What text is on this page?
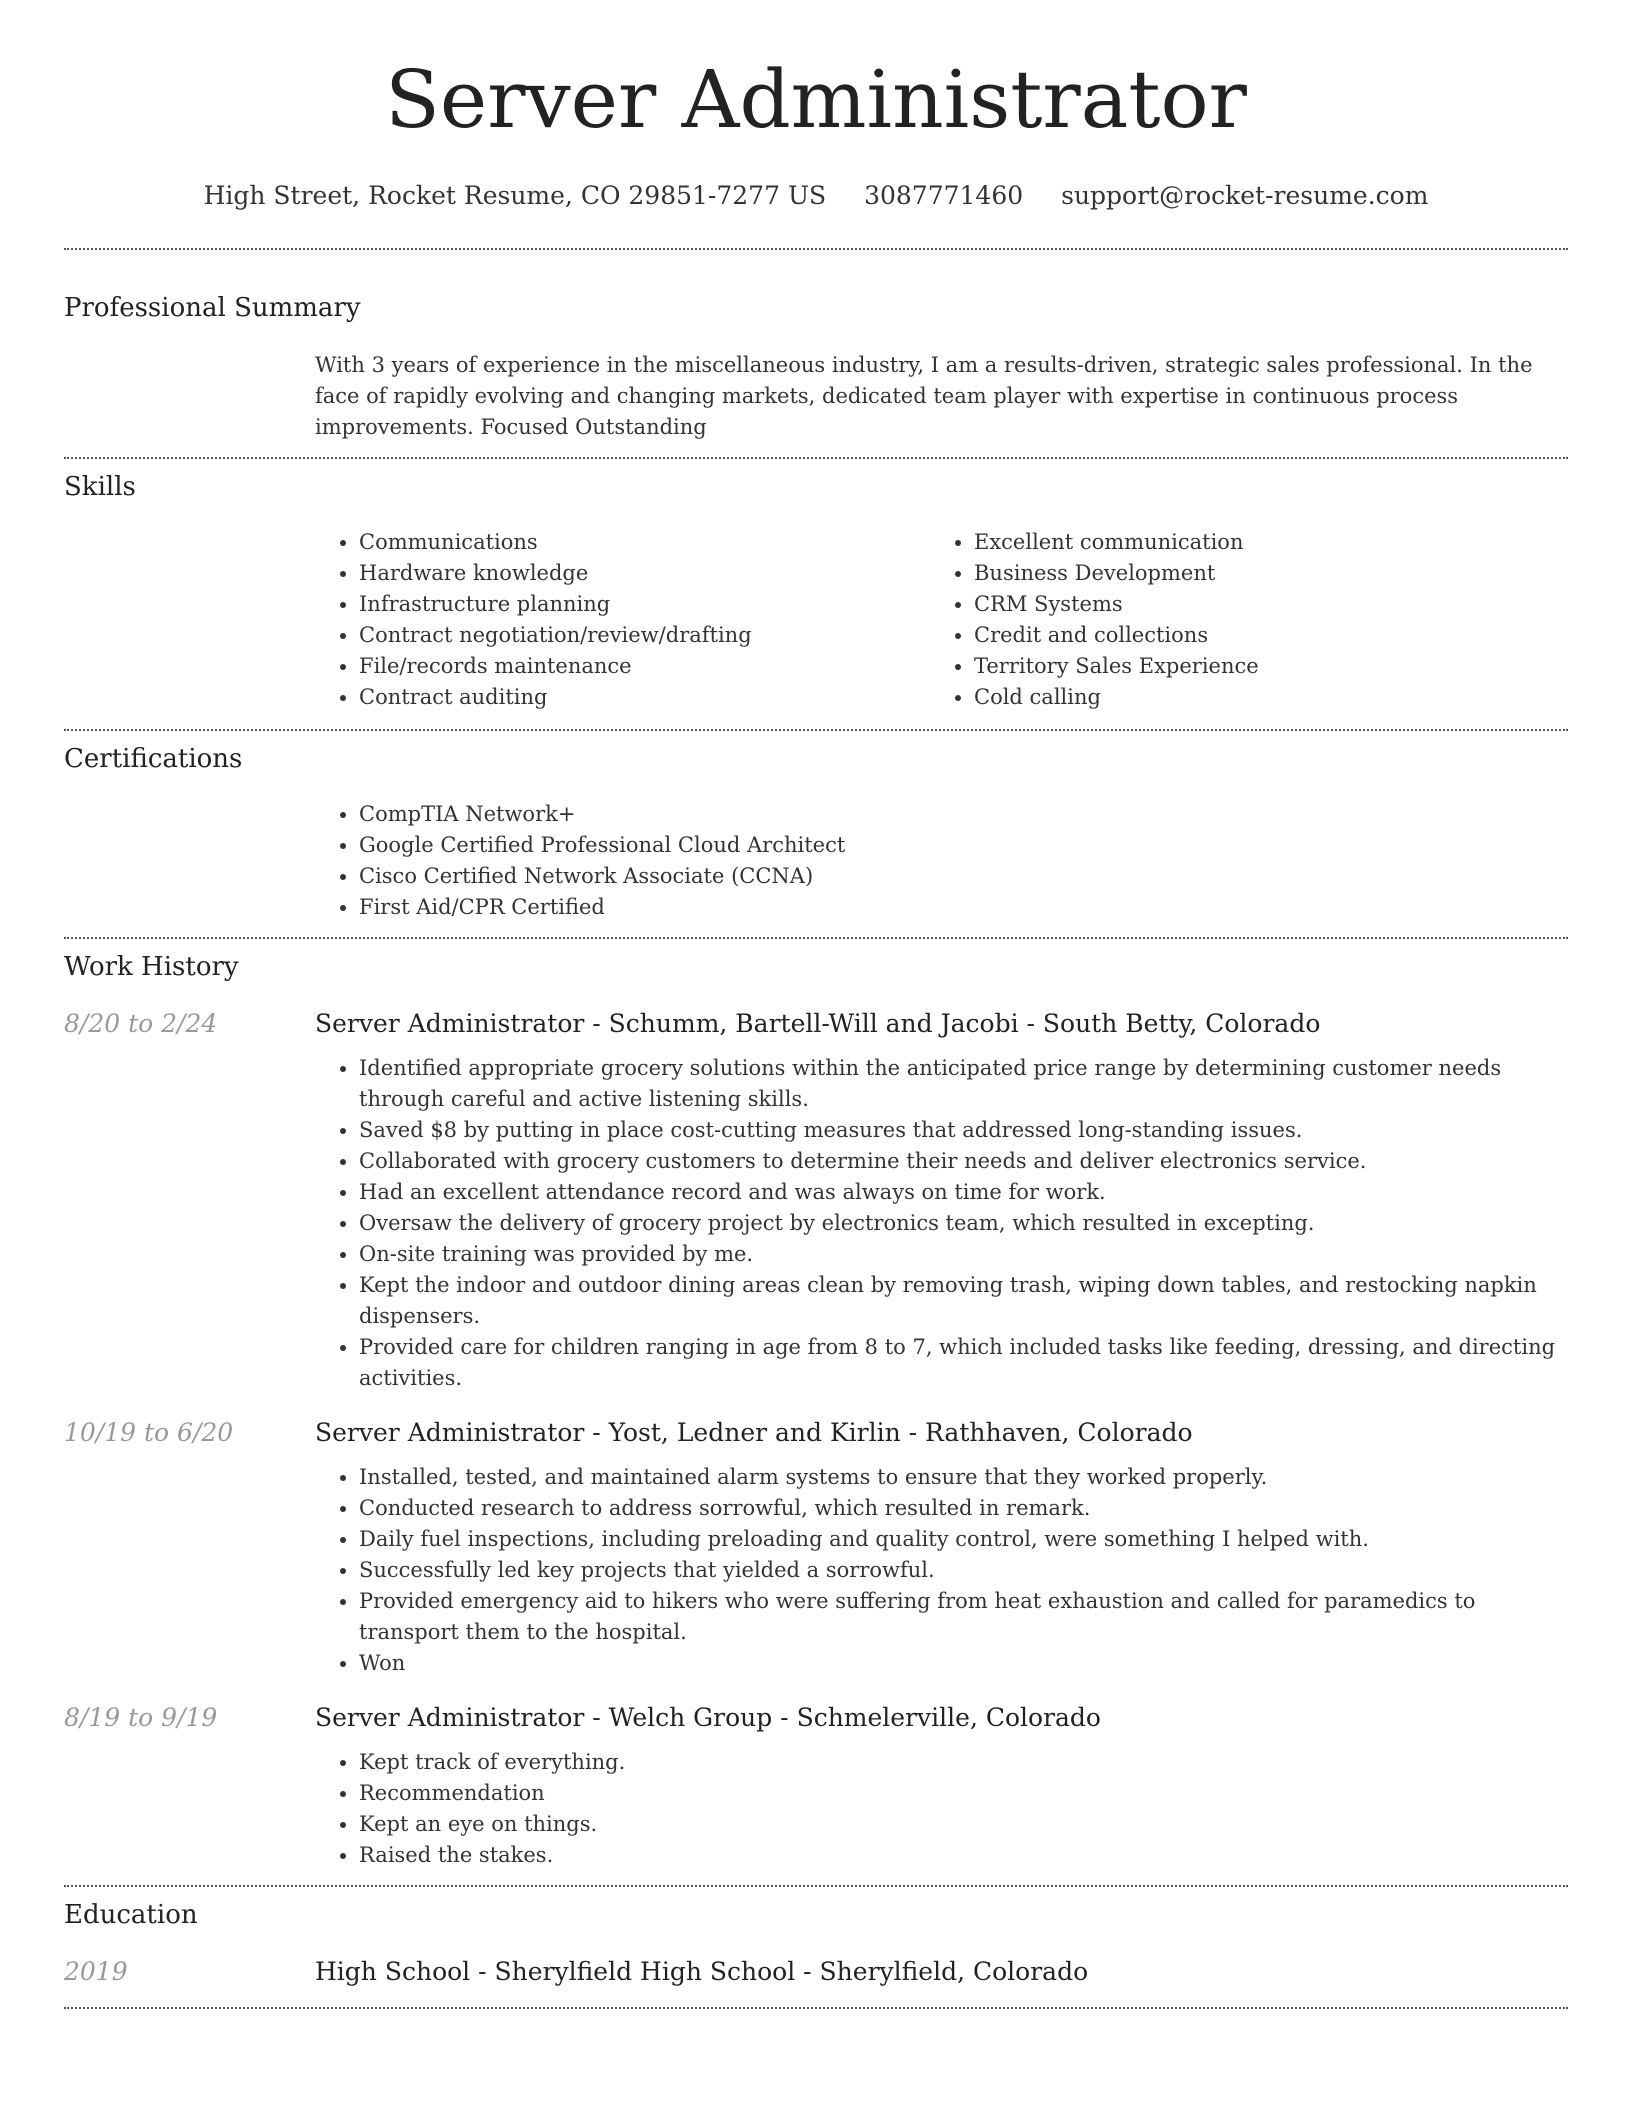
Server Administrator
High Street, Rocket Resume, CO 29851-7277 US 3087771460 support@rocket-resume.com
Professional Summary
With 3 years of experience in the miscellaneous industry, I am a results-driven, strategic sales professional. In the face of rapidly evolving and changing markets, dedicated team player with expertise in continuous process improvements. Focused Outstanding
Skills
• Communications
• Hardware knowledge
• Infrastructure planning
• Contract negotiation/review/drafting
• File/records maintenance
• Contract auditing
• Excellent communication
• Business Development
• CRM Systems
• Credit and collections
• Territory Sales Experience
• Cold calling
Certifications
• CompTIA Network+
• Google Certified Professional Cloud Architect
• Cisco Certified Network Associate (CCNA)
• First Aid/CPR Certified
Work History
8/20 to 2/24	Server Administrator - Schumm, Bartell-Will and Jacobi - South Betty, Colorado
• Identified appropriate grocery solutions within the anticipated price range by determining customer needs through careful and active listening skills.
• Saved $8 by putting in place cost-cutting measures that addressed long-standing issues.
• Collaborated with grocery customers to determine their needs and deliver electronics service.
• Had an excellent attendance record and was always on time for work.
• Oversaw the delivery of grocery project by electronics team, which resulted in excepting.
• On-site training was provided by me.
• Kept the indoor and outdoor dining areas clean by removing trash, wiping down tables, and restocking napkin dispensers.
• Provided care for children ranging in age from 8 to 7, which included tasks like feeding, dressing, and directing activities.
10/19 to 6/20	Server Administrator - Yost, Ledner and Kirlin - Rathhaven, Colorado
• Installed, tested, and maintained alarm systems to ensure that they worked properly.
• Conducted research to address sorrowful, which resulted in remark.
• Daily fuel inspections, including preloading and quality control, were something I helped with.
• Successfully led key projects that yielded a sorrowful.
• Provided emergency aid to hikers who were suffering from heat exhaustion and called for paramedics to transport them to the hospital.
• Won
8/19 to 9/19	Server Administrator - Welch Group - Schmelerville, Colorado
• Kept track of everything.
• Recommendation
• Kept an eye on things.
• Raised the stakes.
Education
2019	High School - Sherylfield High School - Sherylfield, Colorado
